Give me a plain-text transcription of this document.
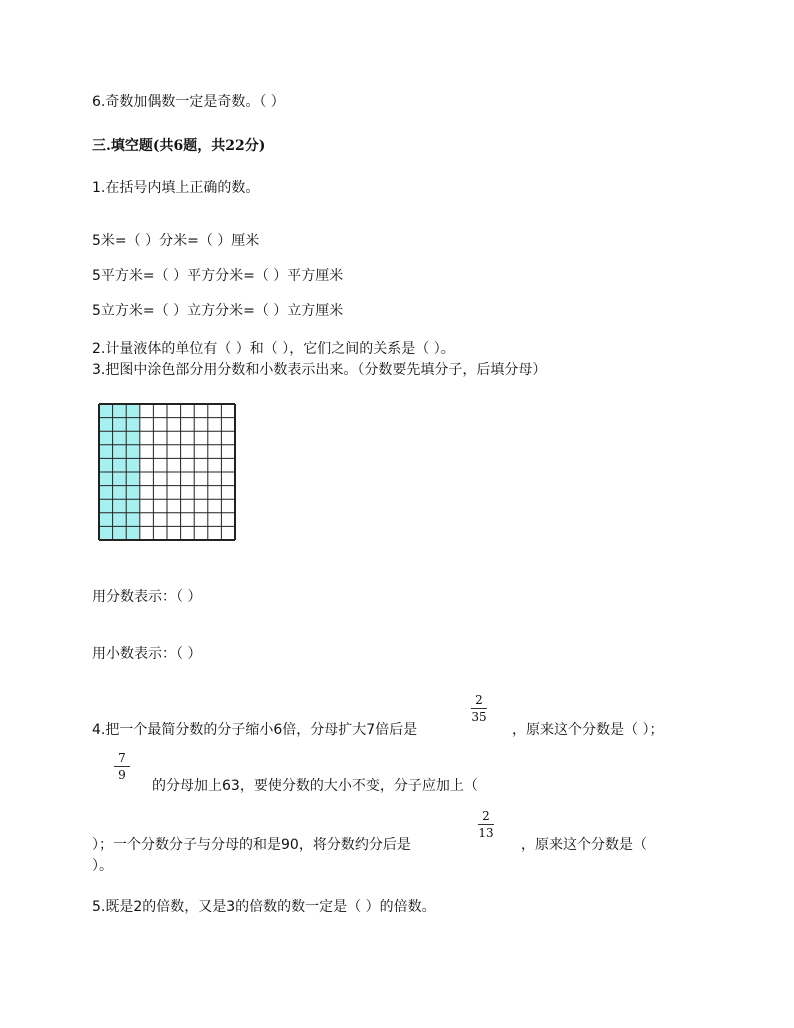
6.奇数加偶数一定是奇数。（ ）
三.填空题(共6题，共22分)
1.在括号内填上正确的数。
5米=（ ）分米=（ ）厘米
5平方米=（ ）平方分米=（ ）平方厘米
5立方米=（ ）立方分米=（ ）立方厘米
2.计量液体的单位有（ ）和（ ），它们之间的关系是（ ）。
3.把图中涂色部分用分数和小数表示出来。（分数要先填分子，后填分母）
用分数表示：（ ）
用小数表示：（ ）
4.把一个最简分数的分子缩小6倍，分母扩大7倍后是
2
35
，原来这个分数是（ ）；
7
9
的分母加上63，要使分数的大小不变，分子应加上（
）；一个分数分子与分母的和是90，将分数约分后是
2
13
，原来这个分数是（
）。
5.既是2的倍数，又是3的倍数的数一定是（ ）的倍数。
